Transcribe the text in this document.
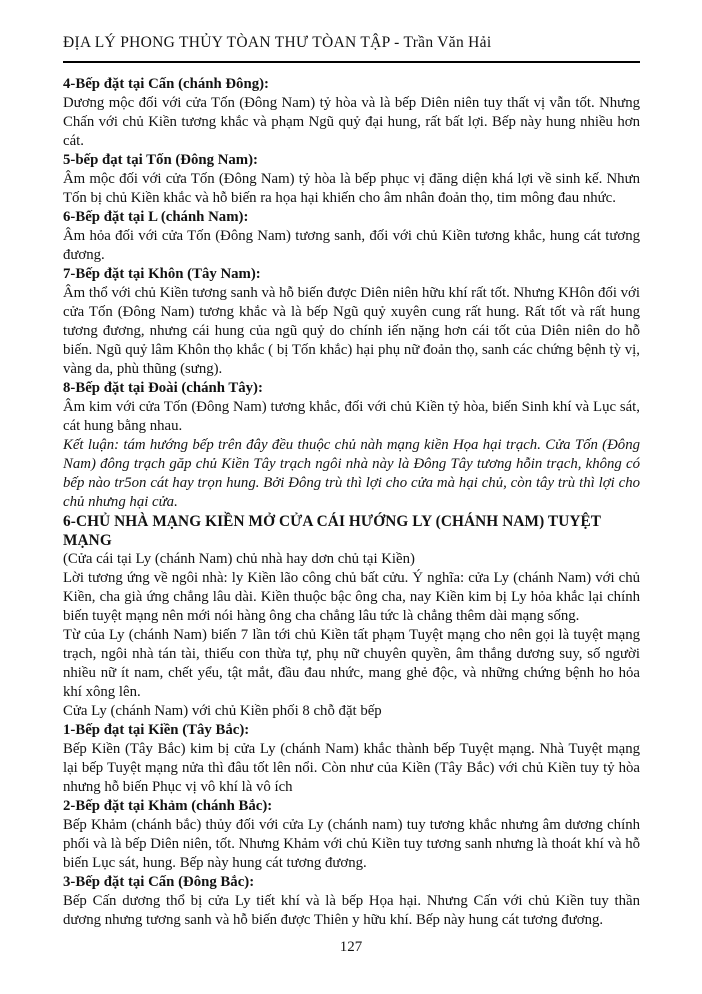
ĐỊA LÝ PHONG THỦY TÒAN THƯ TÒAN TẬP - Trần Văn Hải

4-Bếp đặt tại Cấn (chánh Đông):

Dương mộc đối với cửa Tốn (Đông Nam) tỷ hòa và là bếp Diên niên tuy thất vị vẫn tốt. Nhưng Chấn với chủ Kiền tương khắc và phạm Ngũ quỷ đại hung, rất bất lợi. Bếp này hung nhiều hơn cát.

5-bếp đạt tại Tốn (Đông Nam):

Âm mộc đối với cửa Tốn (Đông Nam) tỷ hòa là bếp phục vị đăng diện khá lợi về sinh kế. Nhưn Tốn bị chủ Kiền khắc và hỗ biến ra họa hại khiến cho âm nhân đoản thọ, tim mông đau nhức.

6-Bếp đặt tại L (chánh Nam):

Âm hỏa đối với cửa Tốn (Đông Nam) tương sanh, đối với chủ Kiền tương khắc, hung cát tương đương.

7-Bếp đặt tại Khôn (Tây Nam):

Âm thổ với chủ Kiền tương sanh và hỗ biến được Diên niên hữu khí rất tốt. Nhưng KHôn đối với cửa Tốn (Đông Nam) tương khắc và là bếp Ngũ quỷ xuyên cung rất hung. Rất tốt và rất hung tương đương, nhưng cái hung của ngũ quỷ do chính iến nặng hơn cái tốt của Diên niên do hỗ biến. Ngũ quỷ lâm Khôn thọ khắc ( bị Tốn khắc) hại phụ nữ đoản thọ, sanh các chứng bệnh tỳ vị, vàng da, phù thũng (sưng).

8-Bếp đặt tại Đoài (chánh Tây):

Âm kim với cửa Tốn (Đông Nam) tương khắc, đối với chủ Kiền tỷ hòa, biến Sinh khí và Lục sát, cát hung bằng nhau.

Kết luận: tám hướng bếp trên đây đều thuộc chủ nàh mạng kiền Họa hại trạch. Cửa Tốn (Đông Nam) đông trạch găp chủ Kiền Tây trạch ngôi nhà này là Đông Tây tương hỗin trạch, không có bếp nào tr5on cát hay trọn hung. Bởi Đông trù thì lợi cho cửa mà hại chủ, còn tây trù thì lợi cho chủ nhưng hại cửa.

6-CHỦ NHÀ MẠNG KIỀN MỞ CỬA CÁI HƯỚNG LY (CHÁNH NAM) TUYỆT MẠNG

(Cửa cái tại Ly (chánh Nam) chủ nhà hay dơn chủ tại Kiền)

Lời tương ứng về ngôi nhà: ly Kiền lão công chủ bất cửu. Ý nghĩa: cửa Ly (chánh Nam) với chủ Kiền, cha già ứng chẳng lâu dài. Kiền thuộc bậc ông cha, nay Kiền kim bị Ly hỏa khắc lại chính biến tuyệt mạng nên mới nói hàng ông cha chẳng lâu tức là chẳng thêm dài mạng sống.

Từ của Ly (chánh Nam) biến 7 lần tới chủ Kiền tất phạm Tuyệt mạng cho nên gọi là tuyệt mạng trạch, ngôi nhà tán tài, thiếu con thừa tự, phụ nữ chuyên quyền, âm thắng dương suy, số người nhiều nữ ít nam, chết yểu, tật mắt, đầu đau nhức, mang ghẻ độc, và những chứng bệnh ho hỏa khí xông lên.

Cửa Ly (chánh Nam) với chủ Kiền phối 8 chỗ đặt bếp

1-Bếp đạt tại Kiền (Tây Bắc):

Bếp Kiền (Tây Bắc) kim bị cửa Ly (chánh Nam) khắc thành bếp Tuyệt mạng. Nhà Tuyệt mạng lại bếp Tuyệt mạng nửa thì đâu tốt lên nổi. Còn như của Kiền (Tây Bắc) với chủ Kiền tuy tỷ hòa nhưng hỗ biến Phục vị vô khí là vô ích

2-Bếp đặt tại Khảm (chánh Bắc):

Bếp Khảm (chánh bắc) thủy đối với cửa Ly (chánh nam) tuy tương khắc nhưng âm dương chính phối và là bếp Diên niên, tốt. Nhưng Khảm với chủ Kiền tuy tương sanh nhưng là thoát khí và hỗ biến Lục sát, hung. Bếp này hung cát tương đương.

3-Bếp đặt tại Cấn (Đông Bắc):

Bếp Cấn dương thổ bị cửa Ly tiết khí và là bếp Họa hại. Nhưng Cấn với chủ Kiền tuy thần dương nhưng tương sanh và hỗ biến được Thiên y hữu khí. Bếp này hung cát tương đương.

127
